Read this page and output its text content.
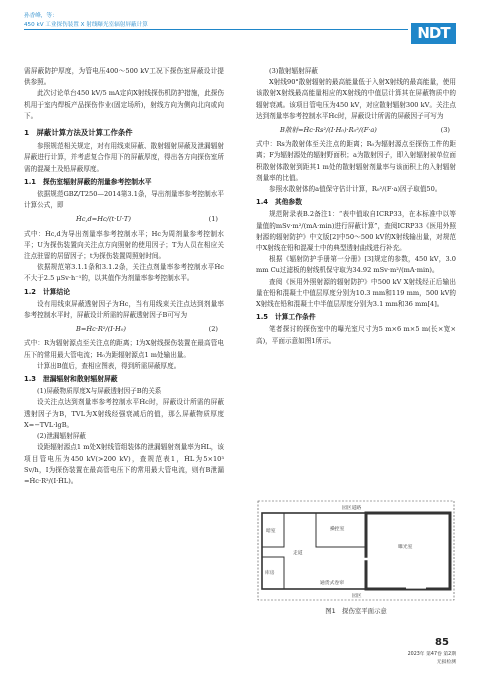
孙香峰，等：
450 kV 工业探伤装置 X 射线曝光室辐射屏蔽计算	NDT

需屏蔽防护厚度，为管电压400～500 kV工况下探伤室屏蔽设计提供参照。

此次讨论单台450 kV/5 mA定向X射线探伤机防护措施，此探伤机用于室内焊板产品探伤作业(固定场所)，射线方向为侧向北向或向下。

1　屏蔽计算方法及计算工作条件

参照规范相关规定，对有用线束屏蔽、散射辐射屏蔽及泄漏辐射屏蔽进行计算，并考虑复合作用下的屏蔽厚度，得出各方向探伤室所需的混凝土及铅屏蔽厚度。

1.1　探伤室辐射屏蔽的剂量参考控制水平

依据规范GBZ/T250—2014第3.1条，导出剂量率参考控制水平计算公式，即

Ḣc,d=Hc/(t·U·T)	(1)

式中：Ḣc,d为导出剂量率参考控制水平；Hc为周剂量参考控制水平；U为探伤装置向关注点方向照射的使用因子；T为人员在相应关注点驻留的居留因子；t为探伤装置周照射时间。

依据规范第3.1.1条和3.1.2条，关注点剂量率参考控制水平Ḣc不大于2.5 μSv·h⁻¹的，以其值作为剂量率参考控制水平。

1.2　计算结论

设有用线束屏蔽透射因子为Ḣc，当有用线束关注点达到剂量率参考控制水平时，屏蔽设计所需的屏蔽透射因子B可写为

B=Ḣc·R²/(I·H₀)	(2)

式中：R为辐射源点至关注点的距离；I为X射线探伤装置在最高管电压下的常用最大管电流；H₀为距辐射源点1 m处输出量。

计算出B值后，查相应图表，得到所需屏蔽厚度。

1.3　泄漏辐射和散射辐射屏蔽

(1)屏蔽物质厚度X与屏蔽透射因子B的关系

设关注点达到剂量率参考控制水平Ḣc时，屏蔽设计所需的屏蔽透射因子为B，TVL为X射线经强衰减后的值，那么屏蔽物质厚度X=−TVL·lgB。

(2)泄漏辐射屏蔽

设距辐射源点1 m处X射线管组装体的泄漏辐射剂量率为ḢL，该项目管电压为450 kV(>200 kV)，查规范表1，ḢL为5×10³ Sv/h，I为探伤装置在最高管电压下的常用最大管电流，则有B泄漏=Ḣc·R²/(I·ḢL)。

(3)散射辐射屏蔽

X射线90°散射辐射的最高能量低于入射X射线的最高能量，使用该散射X射线最高能量相应的X射线的中值层计算其在屏蔽物质中的辐射衰减。该项目管电压为450 kV，对应散射辐射300 kV。关注点达到剂量率参考控制水平Ḣc时，屏蔽设计所需的屏蔽因子可写为

B散射=Ḣc·Rs²/(I·H₀)·R₀²/(F·a)	(3)

式中：Rs为散射体至关注点的距离；R₀为辐射源点至探伤工件的距离；F为辐射源处的辐射野面积；a为散射因子，即入射辐射被单位面积散射体散射到距其1 m处的散射辐射剂量率与该面积上的入射辐射剂量率的比值。

参照水散射体的a值保守估计计算，R₀²/(F·a)因子取值50。

1.4　其他参数

规范附录表B.2备注1：“表中值取自ICRP33，在本标准中以等量值的mSv·m²/(mA·min)进行屏蔽计算”，查阅ICRP33《医用外照射源的辐射防护》中文版[2]中50～500 kV的X射线输出量，对规范中X射线在铅和混凝土中的典型透射曲线进行补充。

根据《辐射防护手册第一分册》[3]规定的参数，450 kV，3.0 mm Cu过滤板的射线机保守取为34.92 mSv·m²/(mA·min)。

查阅《医用外照射源的辐射防护》中500 kV X射线经正后输出量在铅和混凝土中值层厚度分别为10.3 mm和119 mm，500 kV的X射线在铅和混凝土中半值层厚度分别为3.1 mm和36 mm[4]。

1.5　计算工作条件

笔者探讨的探伤室中的曝光室尺寸为5 m×6 m×5 m(长×宽×高)，平面示意如图1所示。

园区道路
暗室	操控室
走道
库房
曝光室
通货式卷帘
园区
图1　探伤室平面示意
85
2023年 第47卷 第2期
无损检测
